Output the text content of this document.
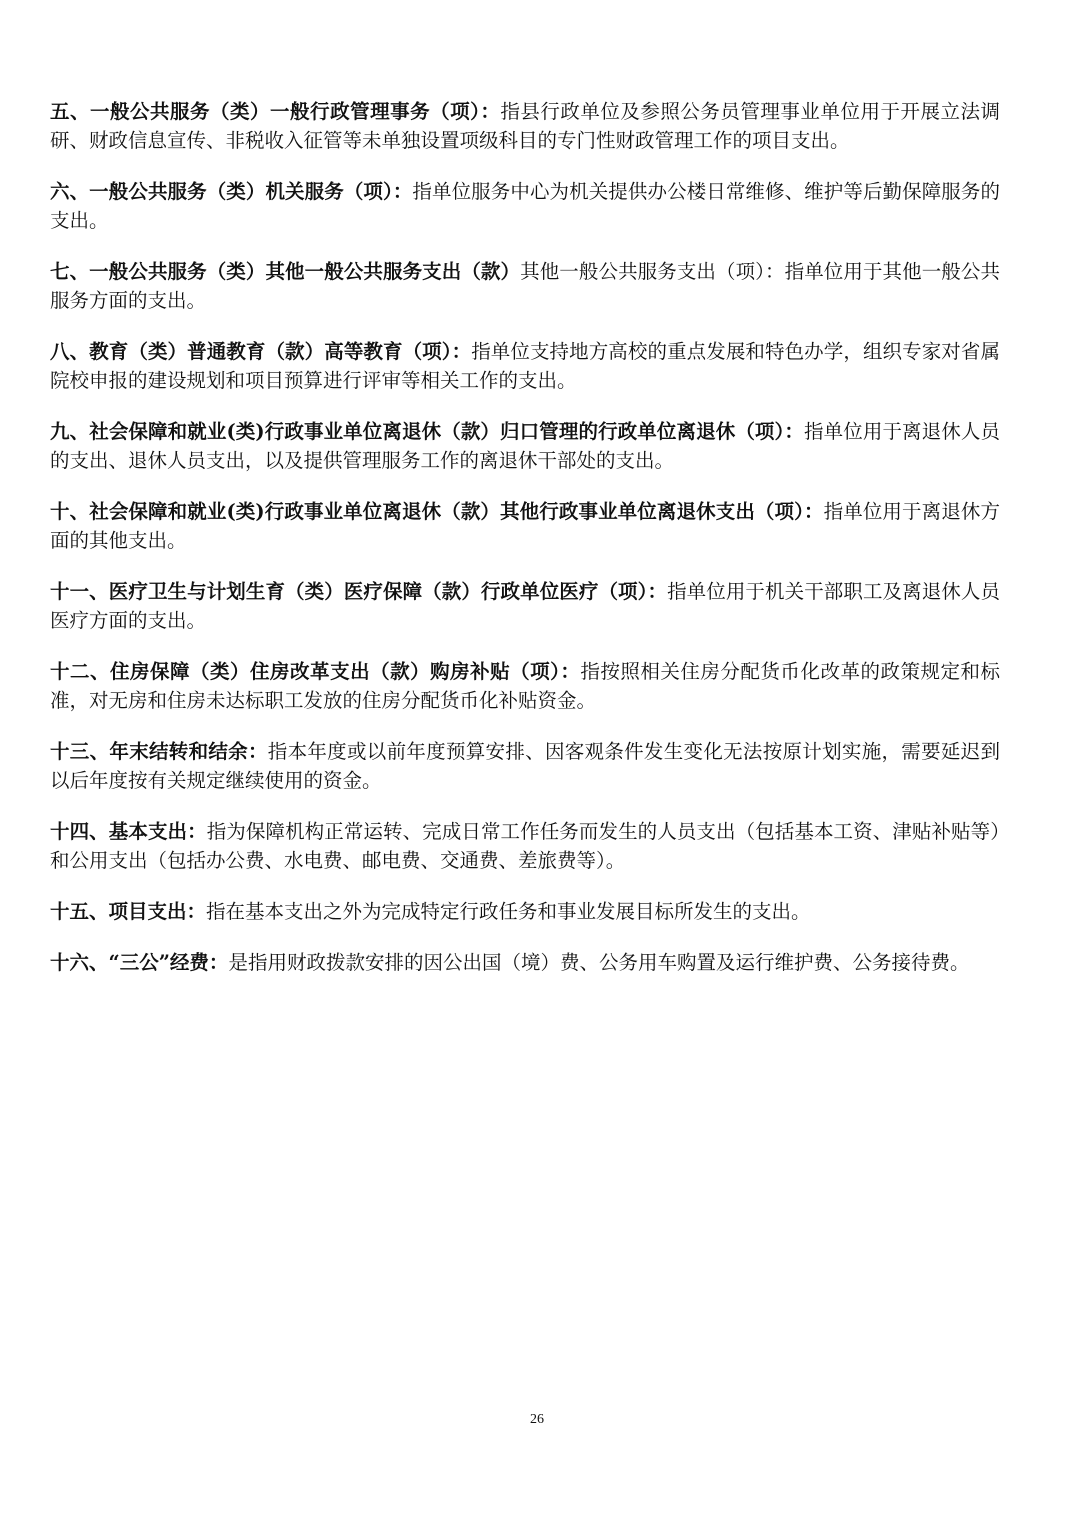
五、一般公共服务（类）一般行政管理事务（项）：指县行政单位及参照公务员管理事业单位用于开展立法调研、财政信息宣传、非税收入征管等未单独设置项级科目的专门性财政管理工作的项目支出。

六、一般公共服务（类）机关服务（项）：指单位服务中心为机关提供办公楼日常维修、维护等后勤保障服务的支出。

七、一般公共服务（类）其他一般公共服务支出（款）其他一般公共服务支出（项）：指单位用于其他一般公共服务方面的支出。

八、教育（类）普通教育（款）高等教育（项）：指单位支持地方高校的重点发展和特色办学，组织专家对省属院校申报的建设规划和项目预算进行评审等相关工作的支出。

九、社会保障和就业(类)行政事业单位离退休（款）归口管理的行政单位离退休（项）：指单位用于离退休人员的支出、退休人员支出，以及提供管理服务工作的离退休干部处的支出。

十、社会保障和就业(类)行政事业单位离退休（款）其他行政事业单位离退休支出（项）：指单位用于离退休方面的其他支出。

十一、医疗卫生与计划生育（类）医疗保障（款）行政单位医疗（项）：指单位用于机关干部职工及离退休人员医疗方面的支出。

十二、住房保障（类）住房改革支出（款）购房补贴（项）：指按照相关住房分配货币化改革的政策规定和标准，对无房和住房未达标职工发放的住房分配货币化补贴资金。

十三、年末结转和结余：指本年度或以前年度预算安排、因客观条件发生变化无法按原计划实施，需要延迟到以后年度按有关规定继续使用的资金。

十四、基本支出：指为保障机构正常运转、完成日常工作任务而发生的人员支出（包括基本工资、津贴补贴等）和公用支出（包括办公费、水电费、邮电费、交通费、差旅费等）。

十五、项目支出：指在基本支出之外为完成特定行政任务和事业发展目标所发生的支出。

十六、“三公”经费：是指用财政拨款安排的因公出国（境）费、公务用车购置及运行维护费、公务接待费。

26
